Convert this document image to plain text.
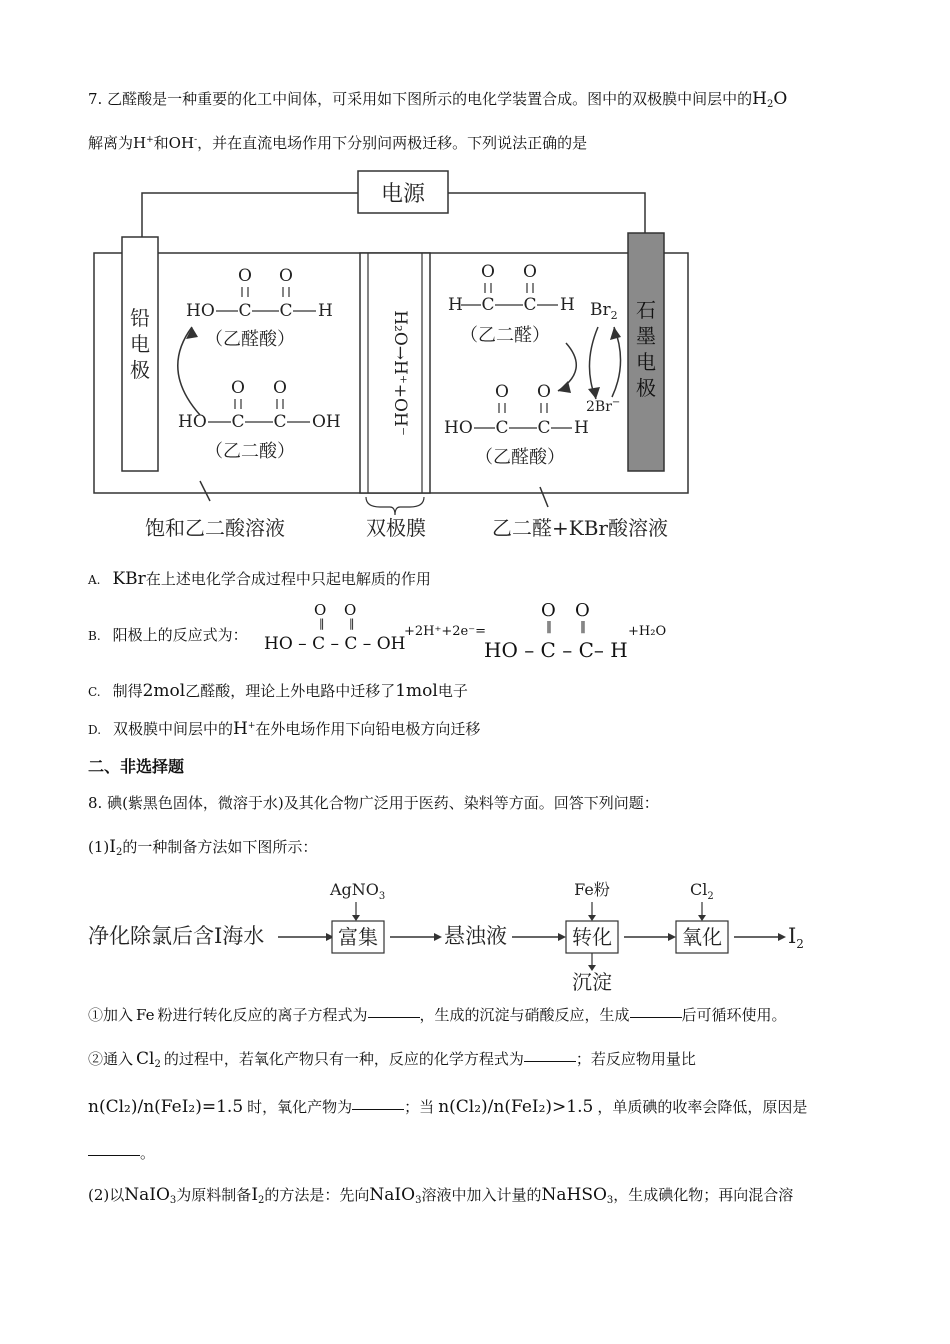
7. 乙醛酸是一种重要的化工中间体，可采用如下图所示的电化学装置合成。图中的双极膜中间层中的$H_2O$
解离为H+和OH-，并在直流电场作用下分别问两极迁移。下列说法正确的是
电源
H₂O→H⁺+OH⁻
铅
电
极
石
墨
电
极
O O
HO C C H
（乙醛酸）
O O
HO C C OH
（乙二酸）
O O
H C C H
（乙二醛）
$Br_2$
2Br−
O O
HO C C H
（乙醛酸）
饱和乙二酸溶液	双极膜	乙二醛+KBr酸溶液
A. KBr在上述电化学合成过程中只起电解质的作用
B. 阳极上的反应式为：
O O
‖ ‖
HO – C – C – OH
+2H⁺+2e⁻=
O O
‖ ‖
HO – C – C– H
+H₂O
C. 制得2mol乙醛酸，理论上外电路中迁移了1mol电子
D. 双极膜中间层中的H+在外电场作用下向铅电极方向迁移
二、非选择题
8. 碘(紫黑色固体，微溶于水)及其化合物广泛用于医药、染料等方面。回答下列问题：
$(1)I_2$的一种制备方法如下图所示：
净化除氯后含I海水
AgNO$_3$
富集	悬浊液
Fe粉
转化
沉淀
$Cl_2$
氧化	$I_2$
①加入 Fe 粉进行转化反应的离子方程式为	，生成的沉淀与硝酸反应，生成	后可循环使用。
②通入 $Cl_2$ 的过程中，若氧化产物只有一种，反应的化学方程式为	；若反应物用量比
n(Cl₂)/n(FeI₂)=1.5 时，氧化产物为	；当 n(Cl₂)/n(FeI₂)>1.5 ，单质碘的收率会降低，原因是
。
(2)以NaIO$_3$为原料制备$I_2$的方法是：先向NaIO$_3$溶液中加入计量的NaHSO$_3$，生成碘化物；再向混合溶
